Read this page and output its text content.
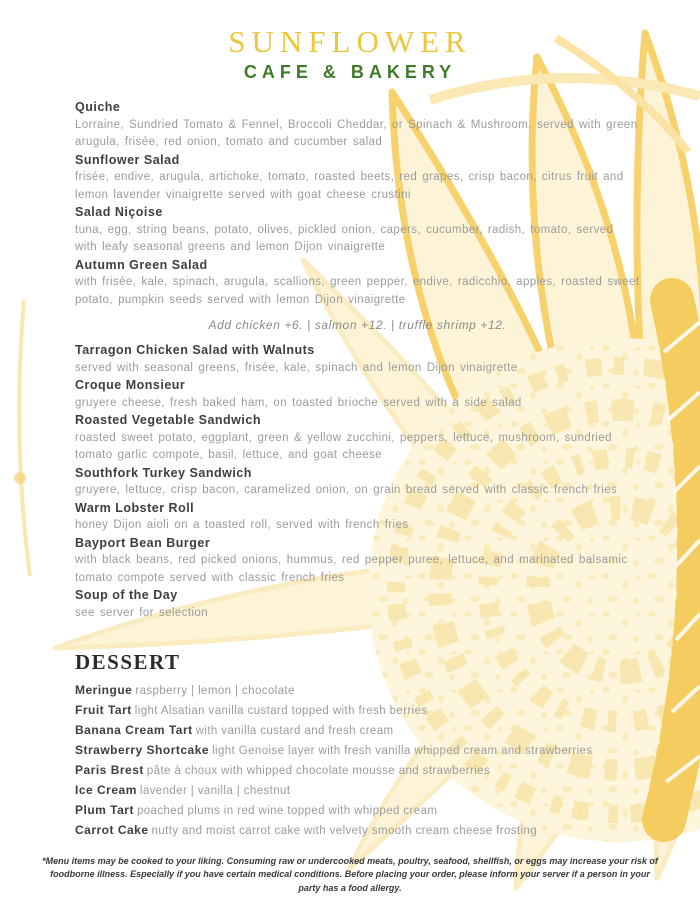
SUNFLOWER
CAFE & BAKERY
Quiche
Lorraine, Sundried Tomato & Fennel, Broccoli Cheddar, or Spinach & Mushroom, served with green arugula, frisée, red onion, tomato and cucumber salad
Sunflower Salad
frisée, endive, arugula, artichoke, tomato, roasted beets, red grapes, crisp bacon, citrus fruit and lemon lavender vinaigrette served with goat cheese crustini
Salad Niçoise
tuna, egg, string beans, potato, olives, pickled onion, capers, cucumber, radish, tomato, served with leafy seasonal greens and lemon Dijon vinaigrette
Autumn Green Salad
with frisée, kale, spinach, arugula, scallions, green pepper, endive, radicchio, apples, roasted sweet potato, pumpkin seeds served with lemon Dijon vinaigrette

Add chicken +6. | salmon +12. | truffle shrimp +12.

Tarragon Chicken Salad with Walnuts
served with seasonal greens, frisée, kale, spinach and lemon Dijon vinaigrette
Croque Monsieur
gruyere cheese, fresh baked ham, on toasted brioche served with a side salad
Roasted Vegetable Sandwich
roasted sweet potato, eggplant, green & yellow zucchini, peppers, lettuce, mushroom, sundried tomato garlic compote, basil, lettuce, and goat cheese
Southfork Turkey Sandwich
gruyere, lettuce, crisp bacon, caramelized onion, on grain bread served with classic french fries
Warm Lobster Roll
honey Dijon aioli on a toasted roll, served with french fries
Bayport Bean Burger
with black beans, red picked onions, hummus, red pepper puree, lettuce, and marinated balsamic tomato compote served with classic french fries
Soup of the Day
see server for selection
DESSERT
Meringue raspberry | lemon | chocolate
Fruit Tart light Alsatian vanilla custard topped with fresh berries
Banana Cream Tart with vanilla custard and fresh cream
Strawberry Shortcake light Genoise layer with fresh vanilla whipped cream and strawberries
Paris Brest pâte à choux with whipped chocolate mousse and strawberries
Ice Cream lavender | vanilla | chestnut
Plum Tart poached plums in red wine topped with whipped cream
Carrot Cake nutty and moist carrot cake with velvety smooth cream cheese frosting
*Menu items may be cooked to your liking. Consuming raw or undercooked meats, poultry, seafood, shellfish, or eggs may increase your risk of foodborne illness. Especially if you have certain medical conditions. Before placing your order, please inform your server if a person in your party has a food allergy.
